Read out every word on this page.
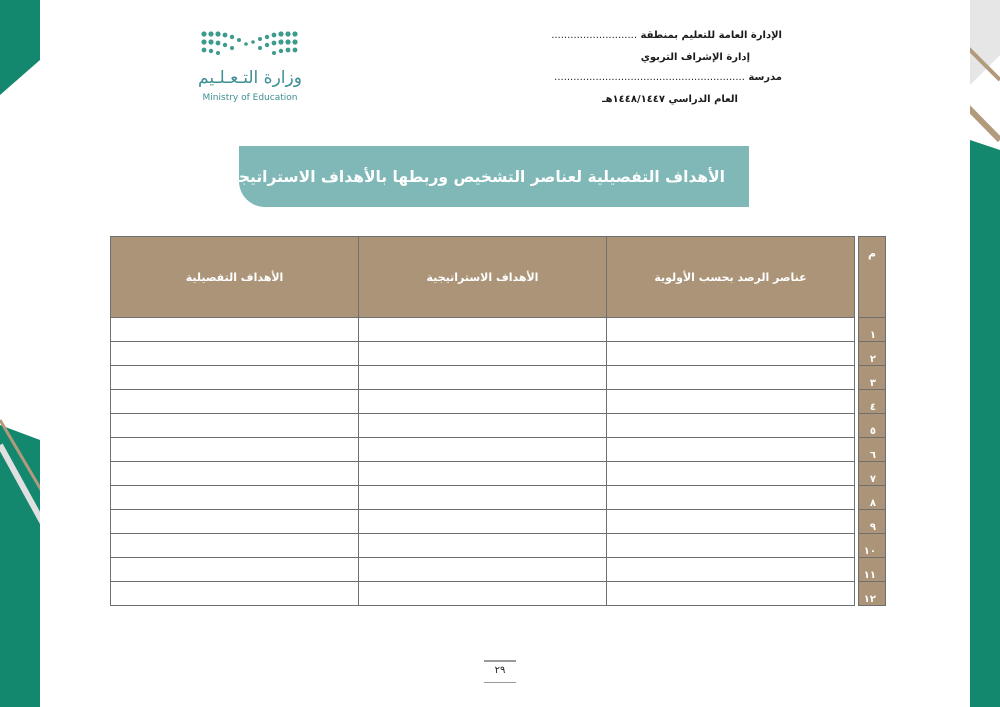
الإدارة العامة للتعليم بمنطقة ...........................
إدارة الإشراف التربوي
مدرسة ............................................................
العام الدراسي ١٤٤٨/١٤٤٧هـ
وزارة التـعـلـيم
Ministry of Education
الأهداف التفصيلية لعناصر التشخيص وربطها بالأهداف الاستراتيجية:
م		عناصر الرصد بحسب الأولوية	الأهداف الاستراتيجية	الأهداف التفصيلية
١				
٢				
٣				
٤				
٥				
٦				
٧				
٨				
٩				
١٠				
١١				
١٢				
٢٩
